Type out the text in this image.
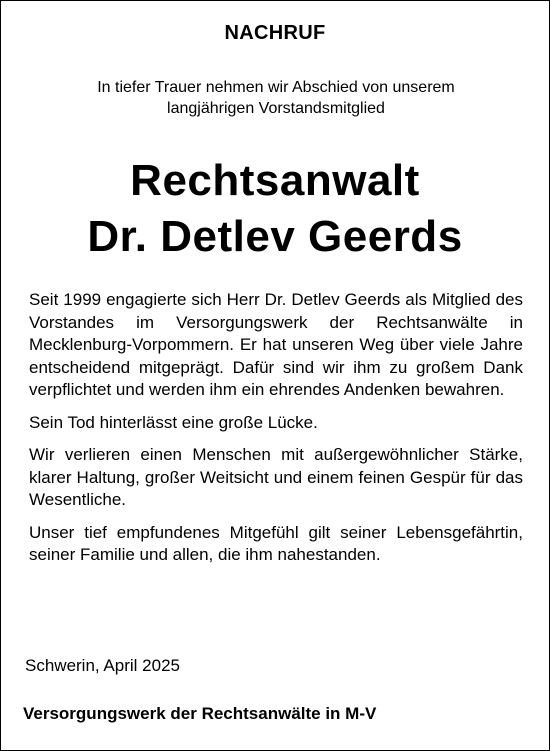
NACHRUF
In tiefer Trauer nehmen wir Abschied von unserem
langjährigen Vorstandsmitglied
Rechtsanwalt
Dr. Detlev Geerds

Seit 1999 engagierte sich Herr Dr. Detlev Geerds als Mitglied des Vorstandes im Versorgungswerk der Rechtsanwälte in Mecklenburg-Vorpommern. Er hat unseren Weg über viele Jahre entscheidend mitgeprägt. Dafür sind wir ihm zu großem Dank verpflichtet und werden ihm ein ehrendes Andenken bewahren.

Sein Tod hinterlässt eine große Lücke.

Wir verlieren einen Menschen mit außergewöhnlicher Stärke, klarer Haltung, großer Weitsicht und einem feinen Gespür für das Wesentliche.

Unser tief empfundenes Mitgefühl gilt seiner Lebensgefährtin, seiner Familie und allen, die ihm nahestanden.

Schwerin, April 2025
Versorgungswerk der Rechtsanwälte in M-V
